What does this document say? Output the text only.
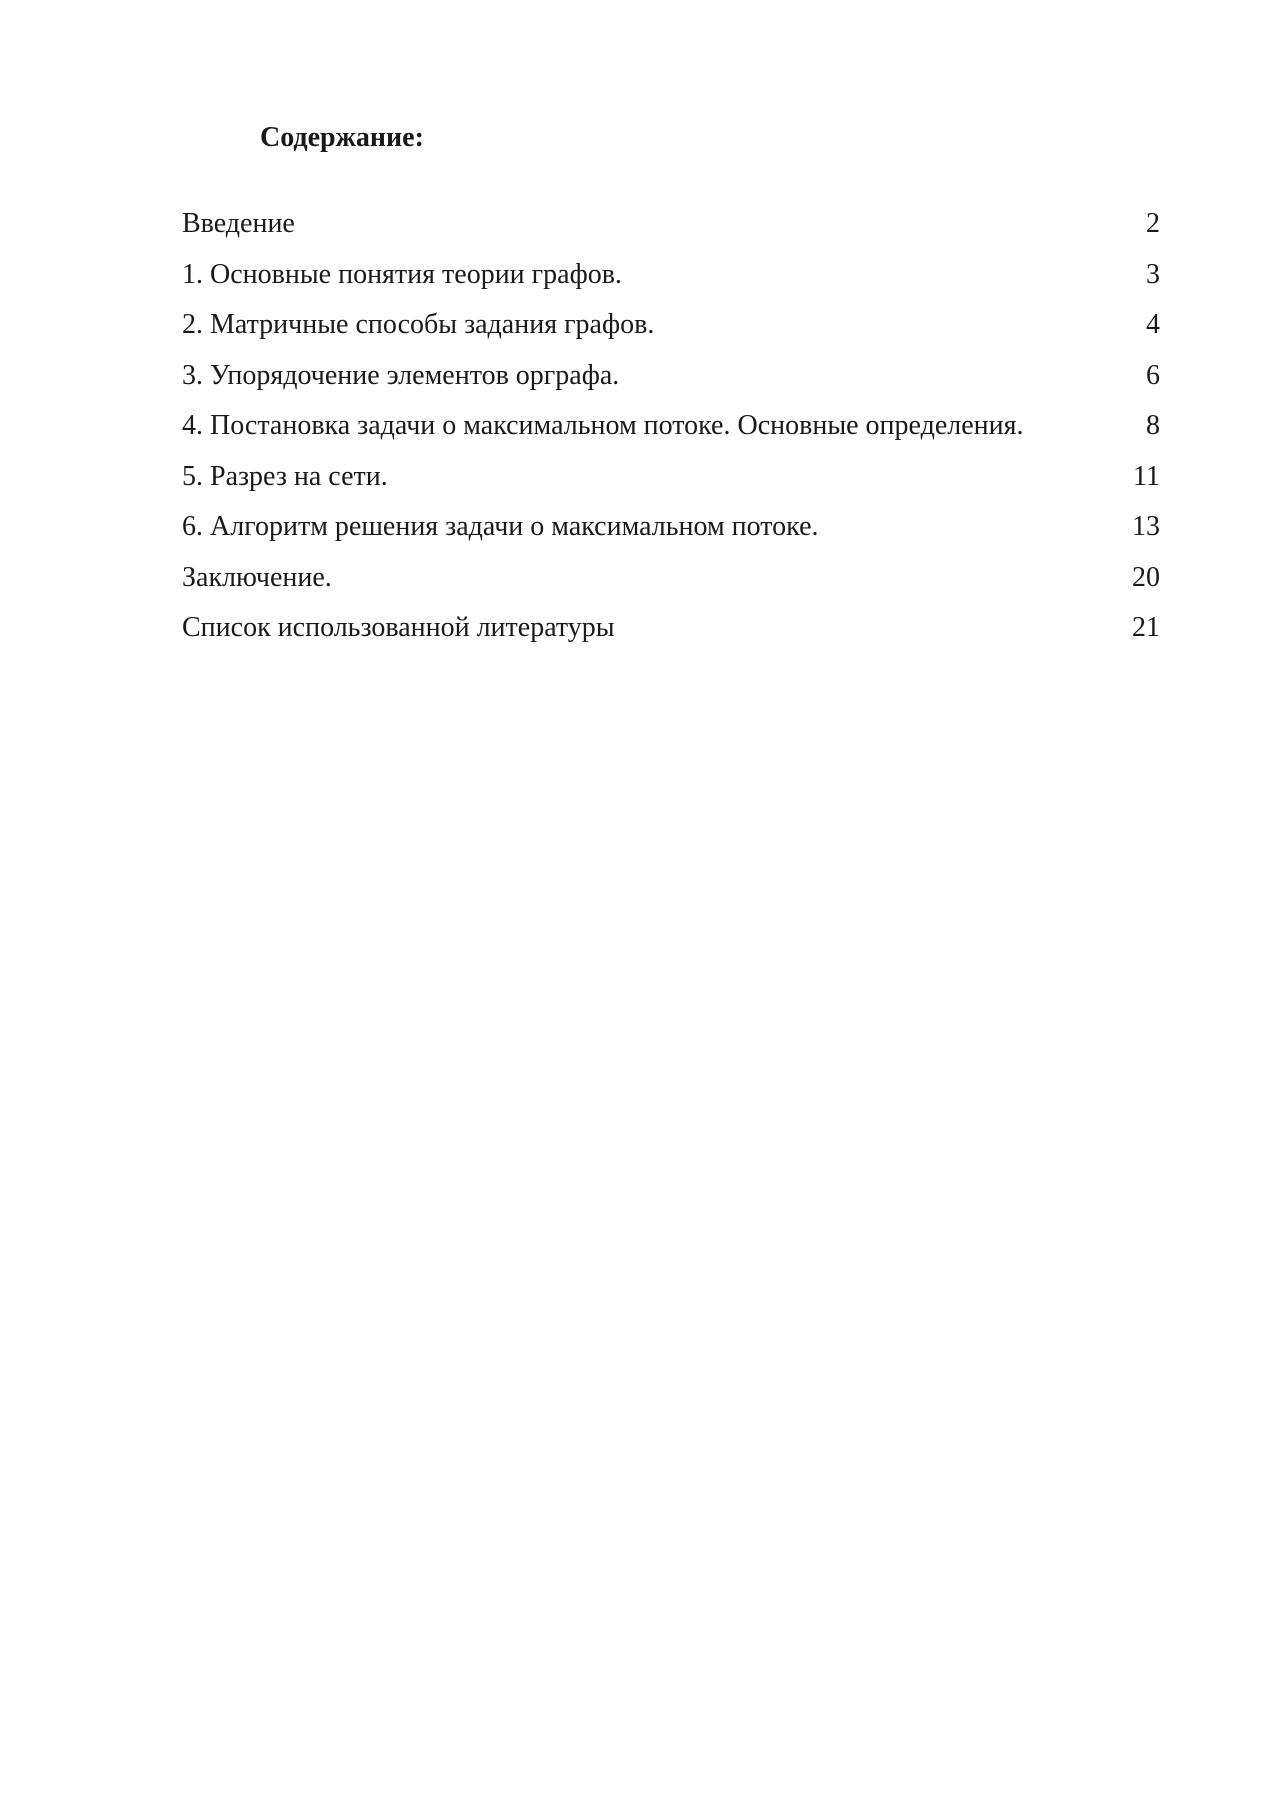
Содержание:
Введение	2
1. Основные понятия теории графов.	3
2. Матричные способы задания графов.	4
3. Упорядочение элементов орграфа.	6
4. Постановка задачи о максимальном потоке. Основные определения.	8
5. Разрез на сети.	11
6. Алгоритм решения задачи о максимальном потоке.	13
Заключение.	20
Список использованной литературы	21
